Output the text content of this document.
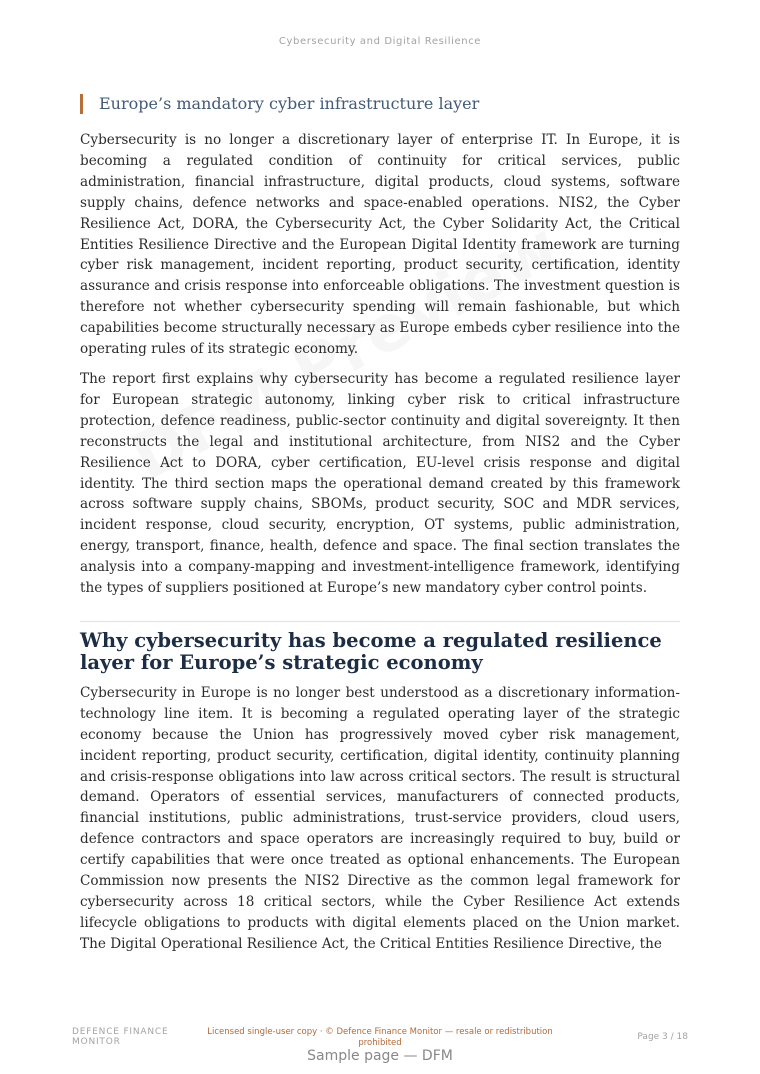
Cybersecurity and Digital Resilience
Europe’s mandatory cyber infrastructure layer

Cybersecurity is no longer a discretionary layer of enterprise IT. In Europe, it is becoming a regulated condition of continuity for critical services, public administration, financial infrastructure, digital products, cloud systems, software supply chains, defence networks and space-enabled operations. NIS2, the Cyber Resilience Act, DORA, the Cybersecurity Act, the Cyber Solidarity Act, the Critical Entities Resilience Directive and the European Digital Identity framework are turning cyber risk management, incident reporting, product security, certification, identity assurance and crisis response into enforceable obligations. The investment question is therefore not whether cybersecurity spending will remain fashionable, but which capabilities become structurally necessary as Europe embeds cyber resilience into the operating rules of its strategic economy.

The report first explains why cybersecurity has become a regulated resilience layer for European strategic autonomy, linking cyber risk to critical infrastructure protection, defence readiness, public-sector continuity and digital sovereignty. It then reconstructs the legal and institutional architecture, from NIS2 and the Cyber Resilience Act to DORA, cyber certification, EU-level crisis response and digital identity. The third section maps the operational demand created by this framework across software supply chains, SBOMs, product security, SOC and MDR services, incident response, cloud security, encryption, OT systems, public administration, energy, transport, finance, health, defence and space. The final section translates the analysis into a company-mapping and investment-intelligence framework, identifying the types of suppliers positioned at Europe’s new mandatory cyber control points.

Why cybersecurity has become a regulated resilience layer for Europe’s strategic economy

Cybersecurity in Europe is no longer best understood as a discretionary information-technology line item. It is becoming a regulated operating layer of the strategic economy because the Union has progressively moved cyber risk management, incident reporting, product security, certification, digital identity, continuity planning and crisis-response obligations into law across critical sectors. The result is structural demand. Operators of essential services, manufacturers of connected products, financial institutions, public administrations, trust-service providers, cloud users, defence contractors and space operators are increasingly required to buy, build or certify capabilities that were once treated as optional enhancements. The European Commission now presents the NIS2 Directive as the common legal framework for cybersecurity across 18 critical sectors, while the Cyber Resilience Act extends lifecycle obligations to products with digital elements placed on the Union market. The Digital Operational Resilience Act, the Critical Entities Resilience Directive, the

DEFENCE FINANCE MONITOR
Licensed single-user copy · © Defence Finance Monitor — resale or redistribution prohibited
Page 3 / 18
Sample page — DFM
